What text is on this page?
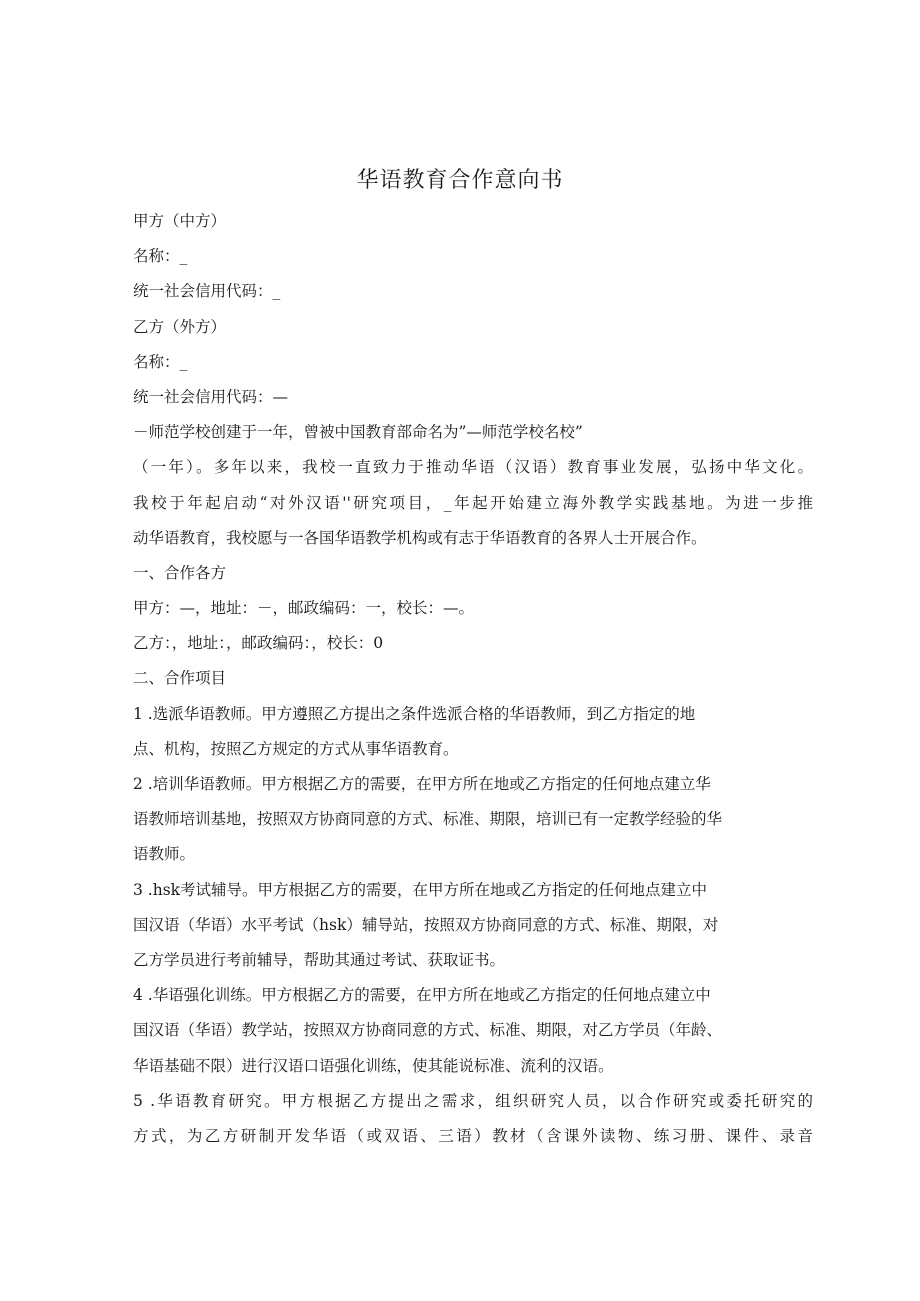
华语教育合作意向书
甲方（中方）
名称：_
统一社会信用代码：_
乙方（外方）
名称：_
统一社会信用代码：—
－师范学校创建于一年，曾被中国教育部命名为”—师范学校名校”
（一年）。多年以来，我校一直致力于推动华语（汉语）教育事业发展，弘扬中华文化。
我校于年起启动“对外汉语''研究项目，_年起开始建立海外教学实践基地。为进一步推
动华语教育，我校愿与一各国华语教学机构或有志于华语教育的各界人士开展合作。
一、合作各方
甲方：—，地址：－，邮政编码：一，校长：—。
乙方：，地址：，邮政编码：，校长：0
二、合作项目
1 .选派华语教师。甲方遵照乙方提出之条件选派合格的华语教师，到乙方指定的地
点、机构，按照乙方规定的方式从事华语教育。
2 .培训华语教师。甲方根据乙方的需要，在甲方所在地或乙方指定的任何地点建立华
语教师培训基地，按照双方协商同意的方式、标准、期限，培训已有一定教学经验的华
语教师。
3 .hsk考试辅导。甲方根据乙方的需要，在甲方所在地或乙方指定的任何地点建立中
国汉语（华语）水平考试（hsk）辅导站，按照双方协商同意的方式、标准、期限，对
乙方学员进行考前辅导，帮助其通过考试、获取证书。
4 .华语强化训练。甲方根据乙方的需要，在甲方所在地或乙方指定的任何地点建立中
国汉语（华语）教学站，按照双方协商同意的方式、标准、期限，对乙方学员（年龄、
华语基础不限）进行汉语口语强化训练，使其能说标准、流利的汉语。
5 .华语教育研究。甲方根据乙方提出之需求，组织研究人员，以合作研究或委托研究的
方式，为乙方研制开发华语（或双语、三语）教材（含课外读物、练习册、课件、录音
